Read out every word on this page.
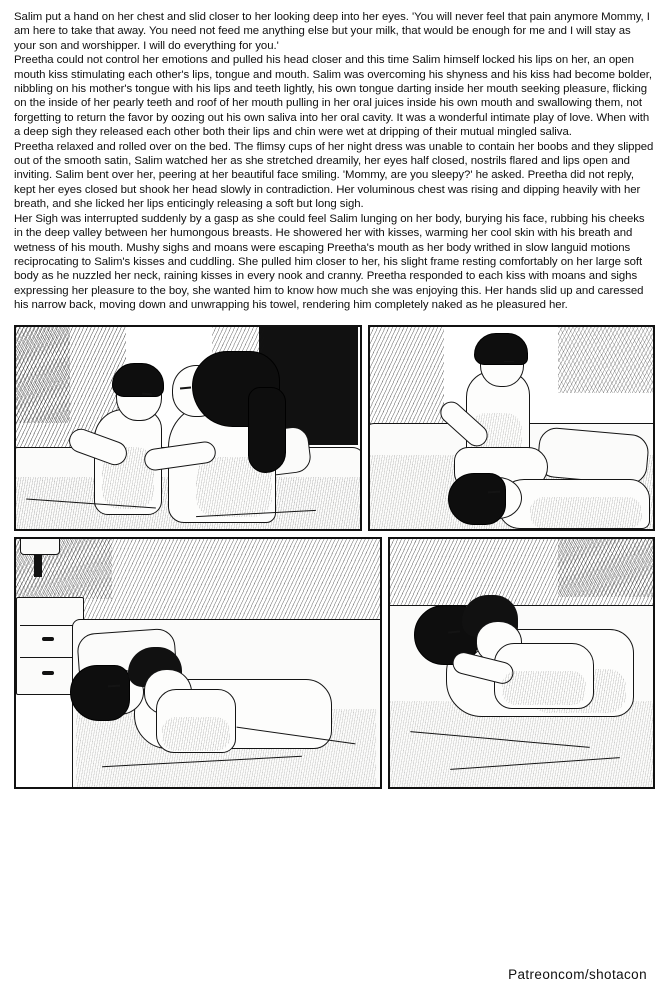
Salim put a hand on her chest and slid closer to her looking deep into her eyes. 'You will never feel that pain anymore Mommy, I am here to take that away. You need not feed me anything else but your milk, that would be enough for me and I will stay as your son and worshipper. I will do everything for you.'

Preetha could not control her emotions and pulled his head closer and this time Salim himself locked his lips on her, an open mouth kiss stimulating each other's lips, tongue and mouth. Salim was overcoming his shyness and his kiss had become bolder, nibbling on his mother's tongue with his lips and teeth lightly, his own tongue darting inside her mouth seeking pleasure, flicking on the inside of her pearly teeth and roof of her mouth pulling in her oral juices inside his own mouth and swallowing them, not forgetting to return the favor by oozing out his own saliva into her oral cavity. It was a wonderful intimate play of love. When with a deep sigh they released each other both their lips and chin were wet at dripping of their mutual mingled saliva.

Preetha relaxed and rolled over on the bed. The flimsy cups of her night dress was unable to contain her boobs and they slipped out of the smooth satin, Salim watched her as she stretched dreamily, her eyes half closed, nostrils flared and lips open and inviting. Salim bent over her, peering at her beautiful face smiling. 'Mommy, are you sleepy?' he asked. Preetha did not reply, kept her eyes closed but shook her head slowly in contradiction. Her voluminous chest was rising and dipping heavily with her breath, and she licked her lips enticingly releasing a soft but long sigh.

Her Sigh was interrupted suddenly by a gasp as she could feel Salim lunging on her body, burying his face, rubbing his cheeks in the deep valley between her humongous breasts. He showered her with kisses, warming her cool skin with his breath and wetness of his mouth. Mushy sighs and moans were escaping Preetha's mouth as her body writhed in slow languid motions reciprocating to Salim's kisses and cuddling. She pulled him closer to her, his slight frame resting comfortably on her large soft body as he nuzzled her neck, raining kisses in every nook and cranny. Preetha responded to each kiss with moans and sighs expressing her pleasure to the boy, she wanted him to know how much she was enjoying this. Her hands slid up and caressed his narrow back, moving down and unwrapping his towel, rendering him completely naked as he pleasured her.

Patreoncom/shotacon
